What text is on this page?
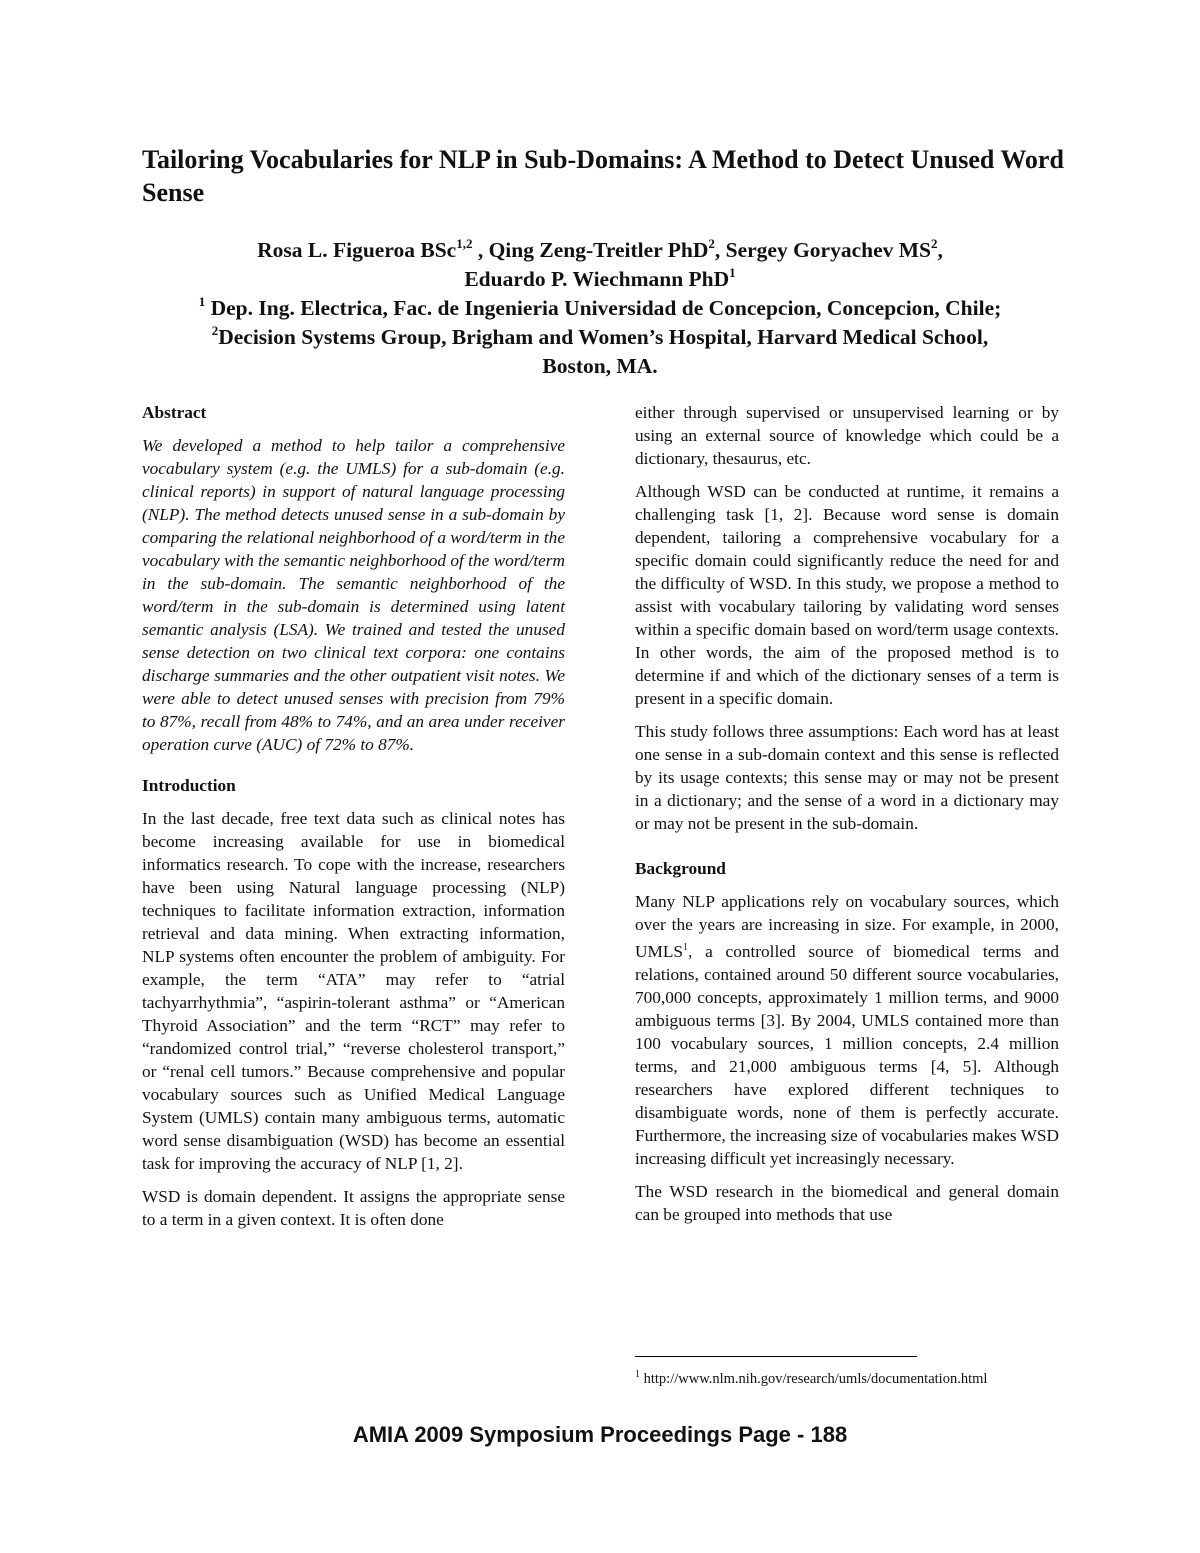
Tailoring Vocabularies for NLP in Sub-Domains: A Method to Detect Unused Word Sense
Rosa L. Figueroa BSc$^{1,2}$ , Qing Zeng-Treitler PhD$^2$, Sergey Goryachev $MS^2$,
Eduardo P. Wiechmann PhD$^1$
$^1$ Dep. Ing. Electrica, Fac. de Ingenieria Universidad de Concepcion, Concepcion, Chile;
$^2$Decision Systems Group, Brigham and Women’s Hospital, Harvard Medical School,
Boston, MA.
Abstract

We developed a method to help tailor a comprehensive vocabulary system (e.g. the UMLS) for a sub-domain (e.g. clinical reports) in support of natural language processing (NLP). The method detects unused sense in a sub-domain by comparing the relational neighborhood of a word/term in the vocabulary with the semantic neighborhood of the word/term in the sub-domain. The semantic neighborhood of the word/term in the sub-domain is determined using latent semantic analysis (LSA). We trained and tested the unused sense detection on two clinical text corpora: one contains discharge summaries and the other outpatient visit notes. We were able to detect unused senses with precision from 79% to 87%, recall from 48% to 74%, and an area under receiver operation curve (AUC) of 72% to 87%.

Introduction

In the last decade, free text data such as clinical notes has become increasing available for use in biomedical informatics research. To cope with the increase, researchers have been using Natural language processing (NLP) techniques to facilitate information extraction, information retrieval and data mining. When extracting information, NLP systems often encounter the problem of ambiguity. For example, the term “ATA” may refer to “atrial tachyarrhythmia”, “aspirin-tolerant asthma” or “American Thyroid Association” and the term “RCT” may refer to “randomized control trial,” “reverse cholesterol transport,” or “renal cell tumors.” Because comprehensive and popular vocabulary sources such as Unified Medical Language System (UMLS) contain many ambiguous terms, automatic word sense disambiguation (WSD) has become an essential task for improving the accuracy of NLP [1, 2].

WSD is domain dependent. It assigns the appropriate sense to a term in a given context. It is often done

either through supervised or unsupervised learning or by using an external source of knowledge which could be a dictionary, thesaurus, etc.

Although WSD can be conducted at runtime, it remains a challenging task [1, 2]. Because word sense is domain dependent, tailoring a comprehensive vocabulary for a specific domain could significantly reduce the need for and the difficulty of WSD. In this study, we propose a method to assist with vocabulary tailoring by validating word senses within a specific domain based on word/term usage contexts. In other words, the aim of the proposed method is to determine if and which of the dictionary senses of a term is present in a specific domain.

This study follows three assumptions: Each word has at least one sense in a sub-domain context and this sense is reflected by its usage contexts; this sense may or may not be present in a dictionary; and the sense of a word in a dictionary may or may not be present in the sub-domain.

Background

Many NLP applications rely on vocabulary sources, which over the years are increasing in size. For example, in 2000, UMLS$^1$, a controlled source of biomedical terms and relations, contained around 50 different source vocabularies, 700,000 concepts, approximately 1 million terms, and 9000 ambiguous terms [3]. By 2004, UMLS contained more than 100 vocabulary sources, 1 million concepts, 2.4 million terms, and 21,000 ambiguous terms [4, 5]. Although researchers have explored different techniques to disambiguate words, none of them is perfectly accurate. Furthermore, the increasing size of vocabularies makes WSD increasing difficult yet increasingly necessary.

The WSD research in the biomedical and general domain can be grouped into methods that use

$^1$ http://www.nlm.nih.gov/research/umls/documentation.html
AMIA 2009 Symposium Proceedings Page - 188
